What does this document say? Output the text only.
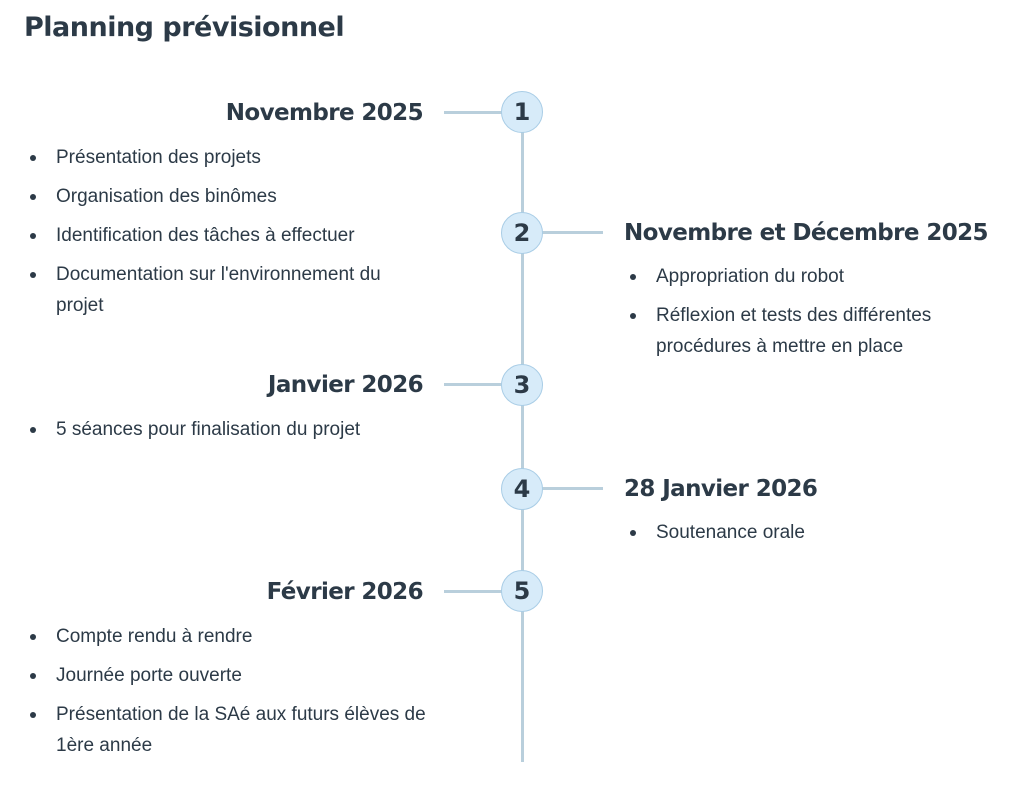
Planning prévisionnel
1
Novembre 2025
Présentation des projets
Organisation des binômes
Identification des tâches à effectuer
Documentation sur l'environnement du projet
2	Novembre et Décembre 2025
Appropriation du robot
Réflexion et tests des différentes procédures à mettre en place
3
Janvier 2026
5 séances pour finalisation du projet
4	28 Janvier 2026
Soutenance orale
5
Février 2026
Compte rendu à rendre
Journée porte ouverte
Présentation de la SAé aux futurs élèves de 1ère année
